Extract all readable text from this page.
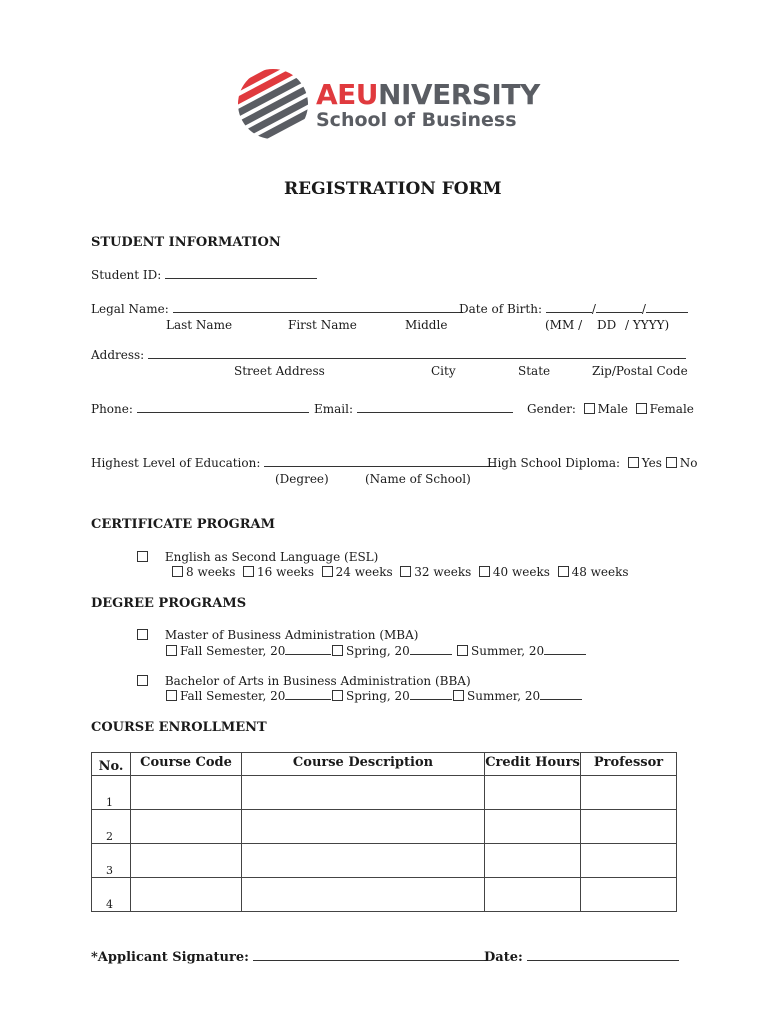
AEUNIVERSITY
School of Business
REGISTRATION FORM
STUDENT INFORMATION
Student ID:
Legal Name:	Date of Birth:	/	/
Last Name	First Name	Middle	(MM / DD / YYYY)
Address:
Street Address	City	State	Zip/Postal Code
Phone:	Email:	Gender: Male Female
Highest Level of Education:	High School Diploma: Yes No
(Degree)	(Name of School)
CERTIFICATE PROGRAM
English as Second Language (ESL)
8 weeks 16 weeks 24 weeks 32 weeks 40 weeks 48 weeks
DEGREE PROGRAMS
Master of Business Administration (MBA)
Fall Semester, 20	Spring, 20	Summer, 20
Bachelor of Arts in Business Administration (BBA)
Fall Semester, 20	Spring, 20	Summer, 20
COURSE ENROLLMENT
No.	Course Code	Course Description	Credit Hours	Professor
1				
2				
3				
4				
*Applicant Signature:	Date:
